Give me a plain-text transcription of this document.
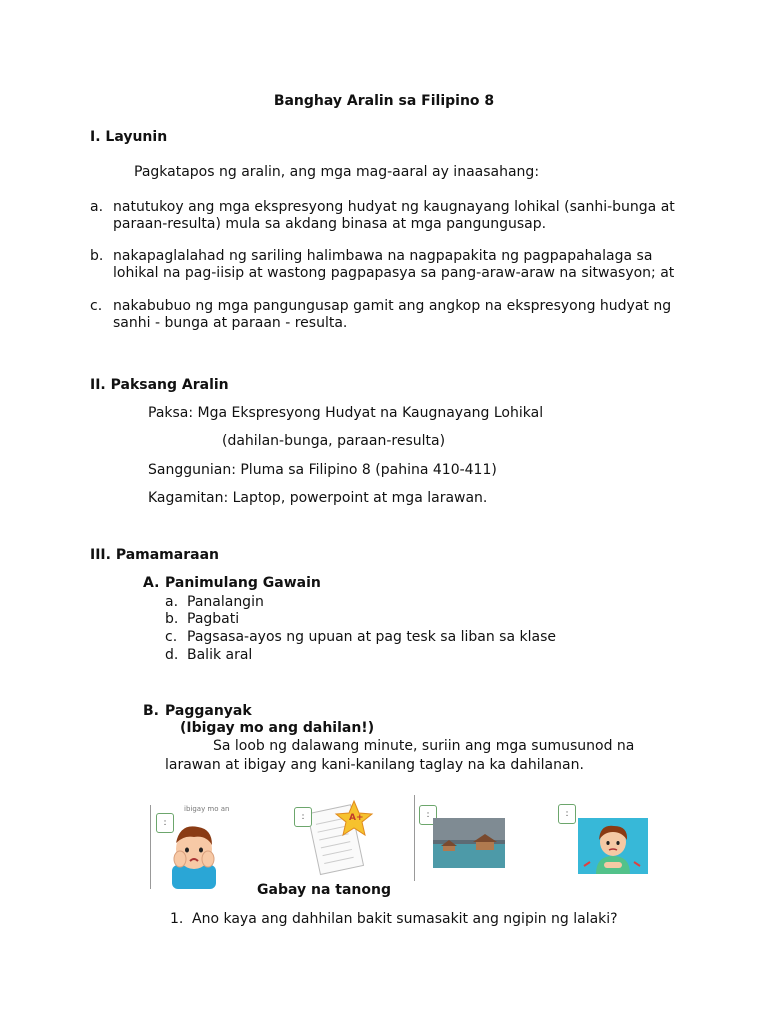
Banghay Aralin sa Filipino 8
I. Layunin
Pagkatapos ng aralin, ang mga mag-aaral ay inaasahang:
a. natutukoy ang mga ekspresyong hudyat ng kaugnayang lohikal (sanhi-bunga at
paraan-resulta) mula sa akdang binasa at mga pangungusap.
b. nakapaglalahad ng sariling halimbawa na nagpapakita ng pagpapahalaga sa
lohikal na pag-iisip at wastong pagpapasya sa pang-araw-araw na sitwasyon; at
c. nakabubuo ng mga pangungusap gamit ang angkop na ekspresyong hudyat ng
sanhi - bunga at paraan - resulta.
II. Paksang Aralin
Paksa: Mga Ekspresyong Hudyat na Kaugnayang Lohikal
(dahilan-bunga, paraan-resulta)
Sanggunian: Pluma sa Filipino 8 (pahina 410-411)
Kagamitan: Laptop, powerpoint at mga larawan.
III. Pamamaraan
A. Panimulang Gawain
a. Panalangin
b. Pagbati
c. Pagsasa-ayos ng upuan at pag tesk sa liban sa klase
d. Balik aral
B. Pagganyak
(Ibigay mo ang dahilan!)
Sa loob ng dalawang minute, suriin ang mga sumusunod na
larawan at ibigay ang kani-kanilang taglay na ka dahilanan.
ibigay mo an
:
:	A+	:	:
Gabay na tanong
1. Ano kaya ang dahhilan bakit sumasakit ang ngipin ng lalaki?
